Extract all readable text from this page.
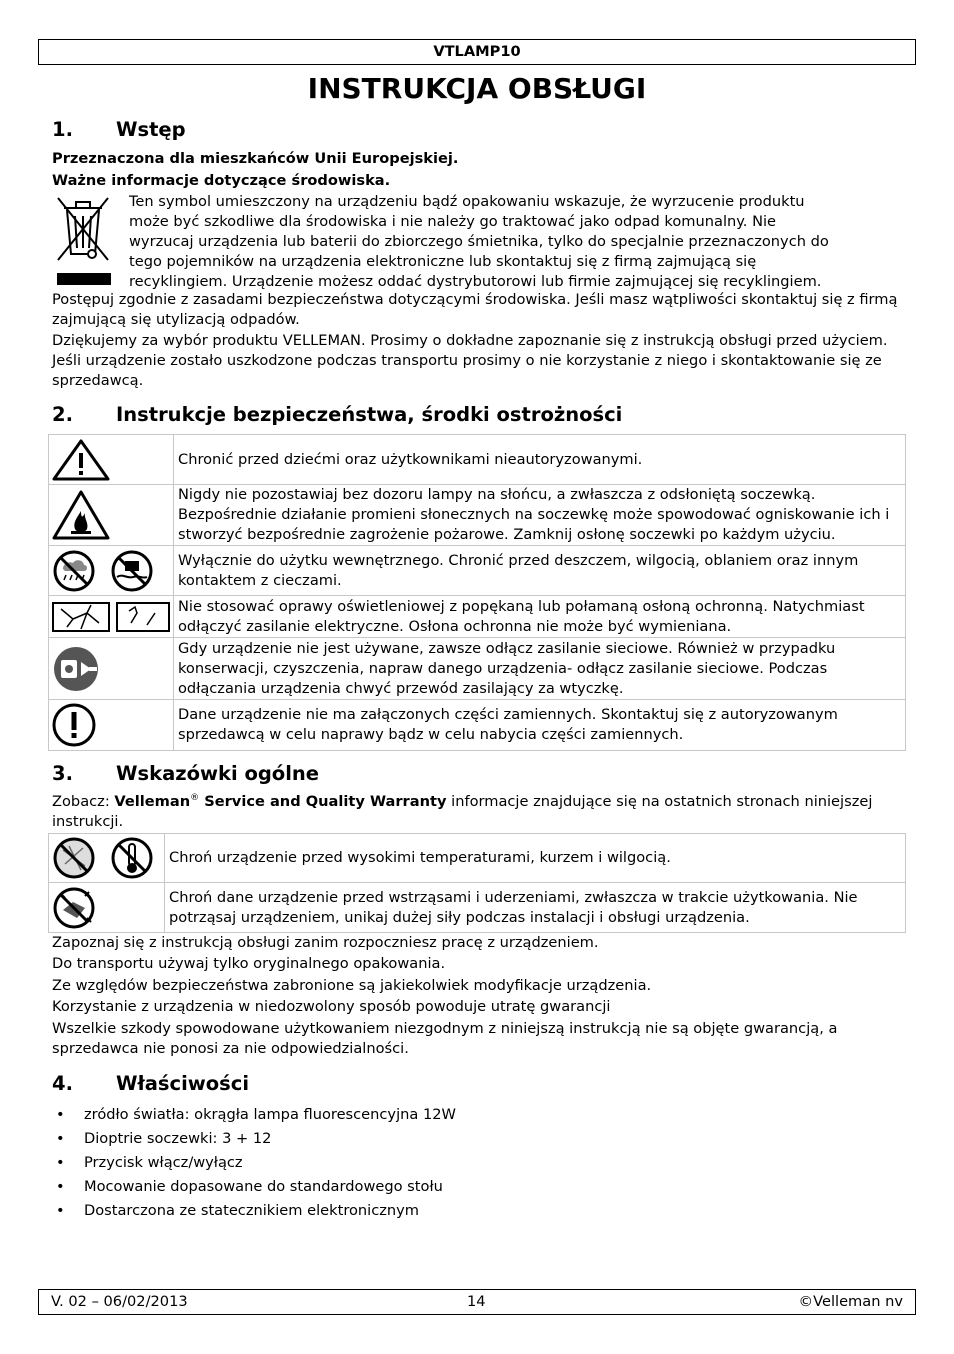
VTLAMP10
INSTRUKCJA OBSŁUGI
1. Wstęp
Przeznaczona dla mieszkańców Unii Europejskiej.
Ważne informacje dotyczące środowiska.
Ten symbol umieszczony na urządzeniu bądź opakowaniu wskazuje, że wyrzucenie produktu
może być szkodliwe dla środowiska i nie należy go traktować jako odpad komunalny. Nie
wyrzucaj urządzenia lub baterii do zbiorczego śmietnika, tylko do specjalnie przeznaczonych do
tego pojemników na urządzenia elektroniczne lub skontaktuj się z firmą zajmującą się
recyklingiem. Urządzenie możesz oddać dystrybutorowi lub firmie zajmującej się recyklingiem.
Postępuj zgodnie z zasadami bezpieczeństwa dotyczącymi środowiska. Jeśli masz wątpliwości skontaktuj się z firmą zajmującą się utylizacją odpadów.
Dziękujemy za wybór produktu VELLEMAN. Prosimy o dokładne zapoznanie się z instrukcją obsługi przed użyciem. Jeśli urządzenie zostało uszkodzone podczas transportu prosimy o nie korzystanie z niego i skontaktowanie się ze sprzedawcą.
2. Instrukcje bezpieczeństwa, środki ostrożności
	Chronić przed dziećmi oraz użytkownikami nieautoryzowanymi.

	Nigdy nie pozostawiaj bez dozoru lampy na słońcu, a zwłaszcza z odsłoniętą soczewką. Bezpośrednie działanie promieni słonecznych na soczewkę może spowodować ogniskowanie ich i stworzyć bezpośrednie zagrożenie pożarowe. Zamknij osłonę soczewki po każdym użyciu.

	Wyłącznie do użytku wewnętrznego. Chronić przed deszczem, wilgocią, oblaniem oraz innym kontaktem z cieczami.

	Nie stosować oprawy oświetleniowej z popękaną lub połamaną osłoną ochronną. Natychmiast odłączyć zasilanie elektryczne. Osłona ochronna nie może być wymieniana.

	Gdy urządzenie nie jest używane, zawsze odłącz zasilanie sieciowe. Również w przypadku konserwacji, czyszczenia, napraw danego urządzenia- odłącz zasilanie sieciowe. Podczas odłączania urządzenia chwyć przewód zasilający za wtyczkę.

	Dane urządzenie nie ma załączonych części zamiennych. Skontaktuj się z autoryzowanym sprzedawcą w celu naprawy bądz w celu nabycia części zamiennych.
3. Wskazówki ogólne
Zobacz: Velleman® Service and Quality Warranty informacje znajdujące się na ostatnich stronach niniejszej instrukcji.
	Chroń urządzenie przed wysokimi temperaturami, kurzem i wilgocią.

	Chroń dane urządzenie przed wstrząsami i uderzeniami, zwłaszcza w trakcie użytkowania. Nie potrząsaj urządzeniem, unikaj dużej siły podczas instalacji i obsługi urządzenia.
Zapoznaj się z instrukcją obsługi zanim rozpoczniesz pracę z urządzeniem.
Do transportu używaj tylko oryginalnego opakowania.
Ze względów bezpieczeństwa zabronione są jakiekolwiek modyfikacje urządzenia.
Korzystanie z urządzenia w niedozwolony sposób powoduje utratę gwarancji
Wszelkie szkody spowodowane użytkowaniem niezgodnym z niniejszą instrukcją nie są objęte gwarancją, a sprzedawca nie ponosi za nie odpowiedzialności.
4. Właściwości
• zródło światła: okrągła lampa fluorescencyjna 12W
• Dioptrie soczewki: 3 + 12
• Przycisk włącz/wyłącz
• Mocowanie dopasowane do standardowego stołu
• Dostarczona ze statecznikiem elektronicznym
V. 02 – 06/02/2013	14	©Velleman nv
